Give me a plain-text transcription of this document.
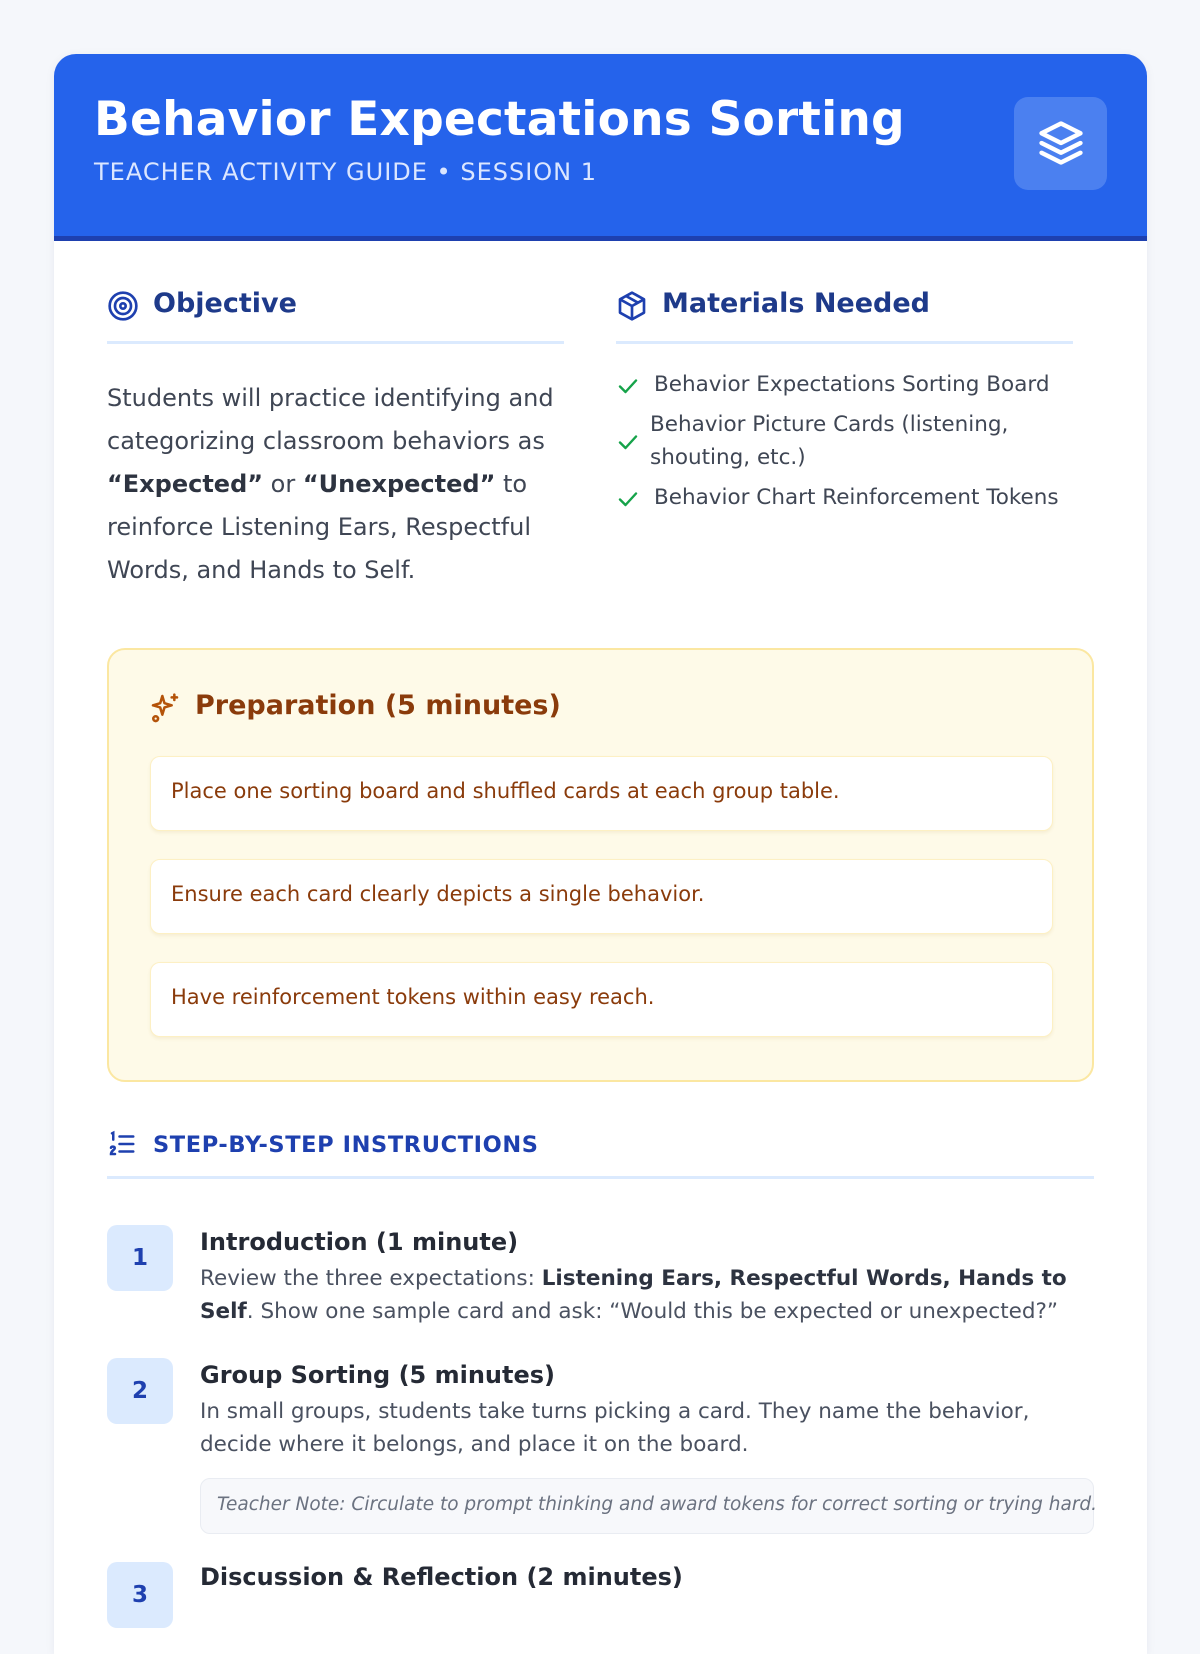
Behavior Expectations Sorting
TEACHER ACTIVITY GUIDE • SESSION 1
Objective
Students will practice identifying and categorizing classroom behaviors as “Expected” or “Unexpected” to reinforce Listening Ears, Respectful Words, and Hands to Self.
Materials Needed
Behavior Expectations Sorting Board
Behavior Picture Cards (listening, shouting, etc.)
Behavior Chart Reinforcement Tokens
Preparation (5 minutes)
Place one sorting board and shuffled cards at each group table.
Ensure each card clearly depicts a single behavior.
Have reinforcement tokens within easy reach.
STEP-BY-STEP INSTRUCTIONS
1
Introduction (1 minute)
Review the three expectations: Listening Ears, Respectful Words, Hands to Self. Show one sample card and ask: “Would this be expected or unexpected?”
2
Group Sorting (5 minutes)
In small groups, students take turns picking a card. They name the behavior, decide where it belongs, and place it on the board.
Teacher Note: Circulate to prompt thinking and award tokens for correct sorting or trying hard.
3
Discussion & Reflection (2 minutes)
